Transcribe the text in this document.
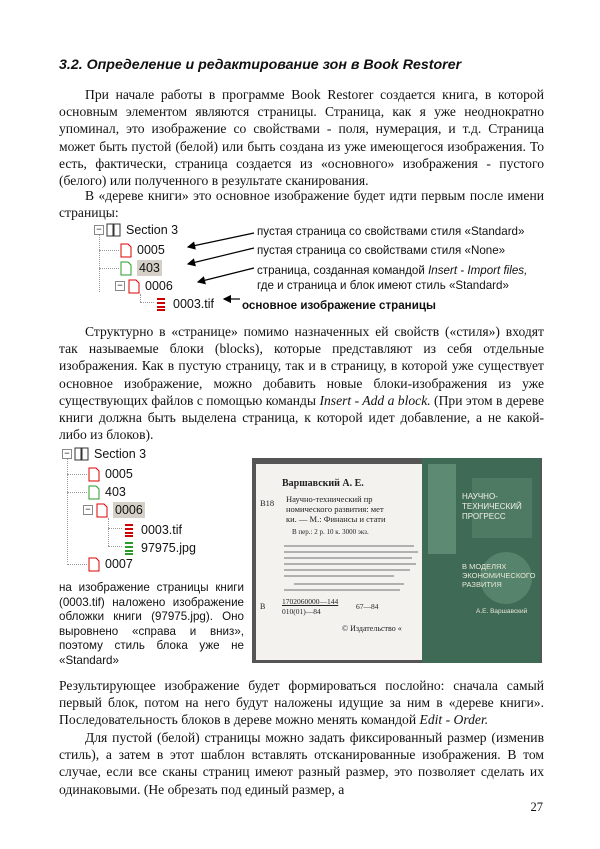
3.2. Определение и редактирование зон в Book Restorer

При начале работы в программе Book Restorer создается книга, в которой основным элементом являются страницы. Страница, как я уже неоднократно упоминал, это изображение со свойствами - поля, нумерация, и т.д. Страница может быть пустой (белой) или быть создана из уже имеющегося изображения. То есть, фактически, страница создается из «основного» изображения - пустого (белого) или полученного в результате сканирования.

В «дереве книги» это основное изображение будет идти первым после имени страницы:

− Section 3
0005
403
− 0006
0003.tif
пустая страница со свойствами стиля «Standard»
пустая страница со свойствами стиля «None»
страница, созданная командой Insert - Import files,
где и страница и блок имеют стиль «Standard»
основное изображение страницы

Структурно в «странице» помимо назначенных ей свойств («стиля») входят так называемые блоки (blocks), которые представляют из себя отдельные изображения. Как в пустую страницу, так и в страницу, в которой уже существует основное изображение, можно добавить новые блоки-изображения из уже существующих файлов с помощью команды Insert - Add a block. (При этом в дереве книги должна быть выделена страница, к которой идет добавление, а не какой-либо из блоков).

− Section 3
0005
403
− 0006
0003.tif
97975.jpg
0007
на изображение страницы книги (0003.tif) наложено изображение обложки книги (97975.jpg). Оно выровнено «справа и вниз», поэтому стиль блока уже не «Standard»
Варшавский А. Е.
В18 Научно-технический пр
номического развития: мет
ки. — М.: Финансы и стати
В пер.: 2 р. 10 к. 3000 экз.
1702060000—144
B
010(01)—84
67—84
© Издательство «
НАУЧНО-
ТЕХНИЧЕСКИЙ
ПРОГРЕСС
В МОДЕЛЯХ
ЭКОНОМИЧЕСКОГО
РАЗВИТИЯ
А.Е. Варшавский

Результирующее изображение будет формироваться послойно: сначала самый первый блок, потом на него будут наложены идущие за ним в «дереве книги». Последовательность блоков в дереве можно менять командой Edit - Order.

Для пустой (белой) страницы можно задать фиксированный размер (изменив стиль), а затем в этот шаблон вставлять отсканированные изображения. В том случае, если все сканы страниц имеют разный размер, это позволяет сделать их одинаковыми. (Не обрезать под единый размер, а

27
